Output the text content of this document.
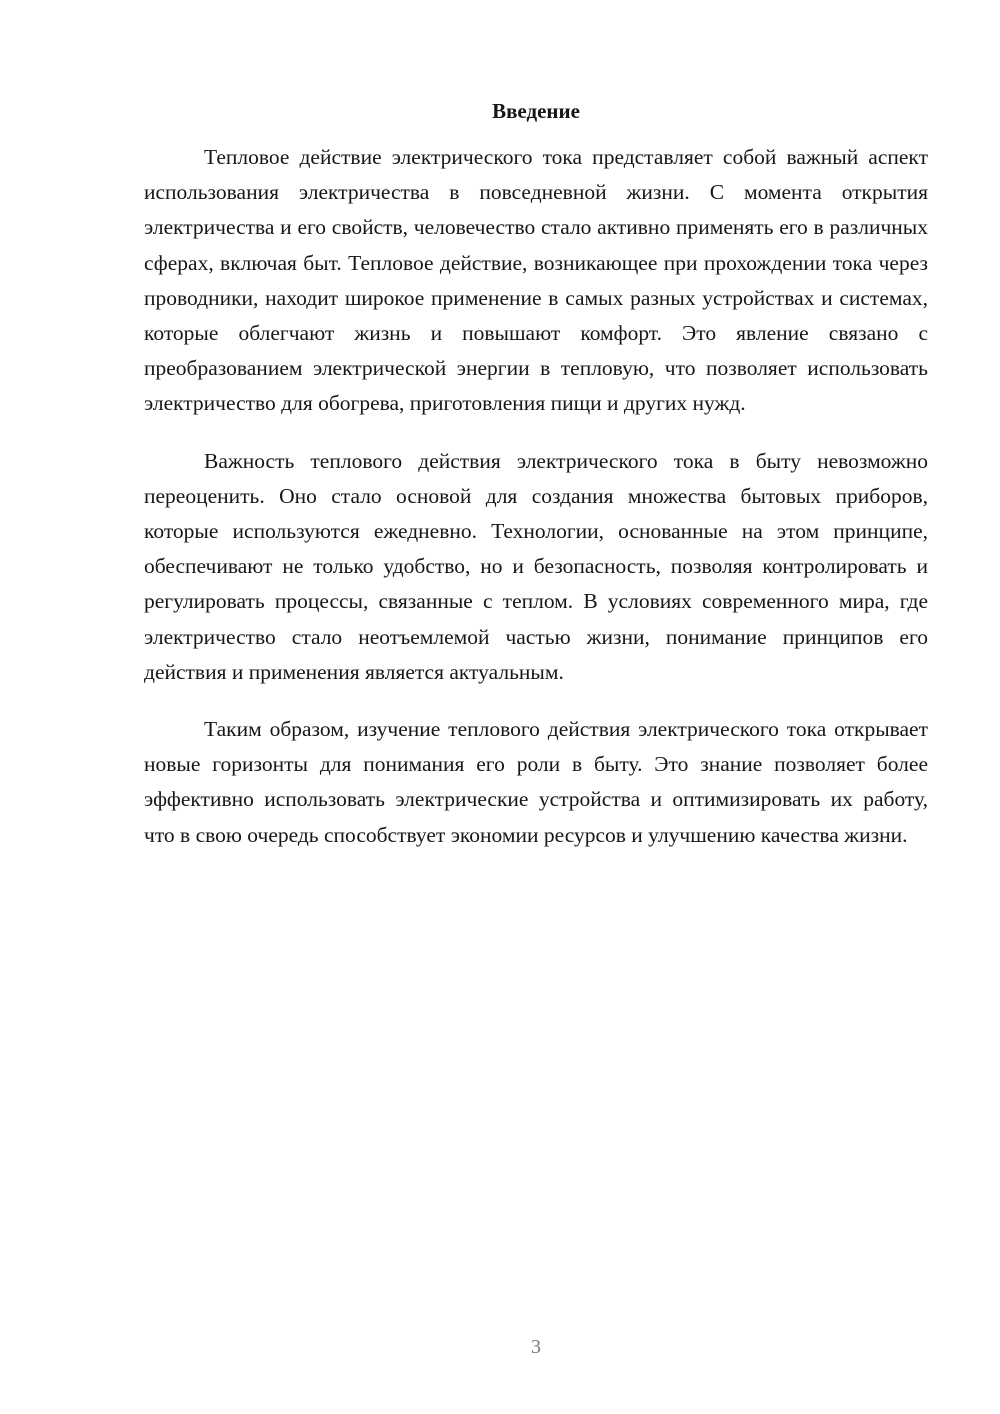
Введение

Тепловое действие электрического тока представляет собой важный аспект использования электричества в повседневной жизни. С момента открытия электричества и его свойств, человечество стало активно применять его в различных сферах, включая быт. Тепловое действие, возникающее при прохождении тока через проводники, находит широкое применение в самых разных устройствах и системах, которые облегчают жизнь и повышают комфорт. Это явление связано с преобразованием электрической энергии в тепловую, что позволяет использовать электричество для обогрева, приготовления пищи и других нужд.

Важность теплового действия электрического тока в быту невозможно переоценить. Оно стало основой для создания множества бытовых приборов, которые используются ежедневно. Технологии, основанные на этом принципе, обеспечивают не только удобство, но и безопасность, позволяя контролировать и регулировать процессы, связанные с теплом. В условиях современного мира, где электричество стало неотъемлемой частью жизни, понимание принципов его действия и применения является актуальным.

Таким образом, изучение теплового действия электрического тока открывает новые горизонты для понимания его роли в быту. Это знание позволяет более эффективно использовать электрические устройства и оптимизировать их работу, что в свою очередь способствует экономии ресурсов и улучшению качества жизни.

3
